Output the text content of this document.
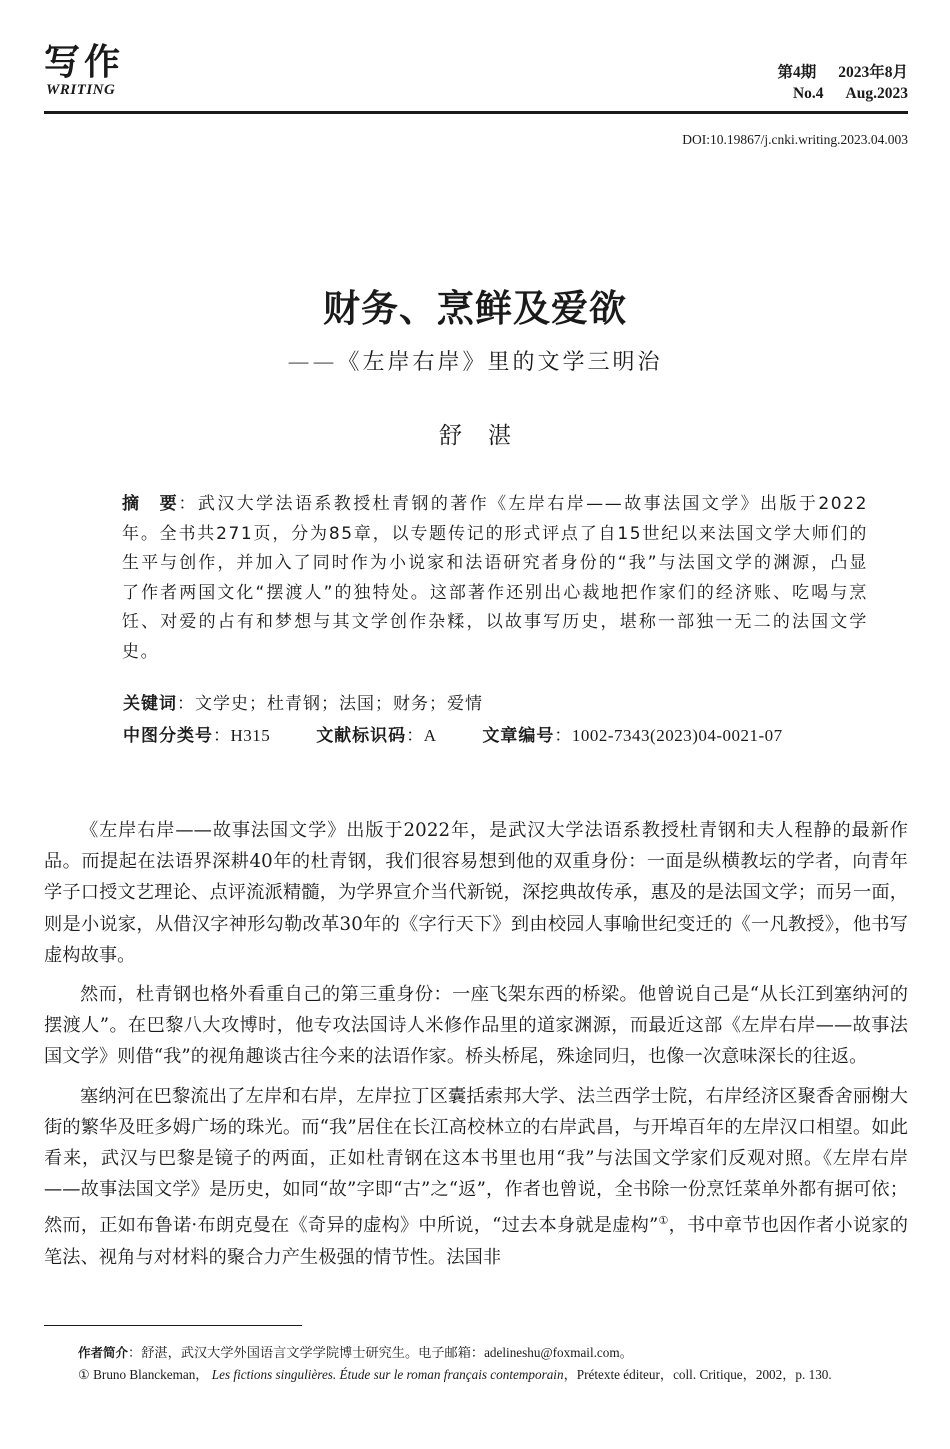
写作
WRITING
第4期 2023年8月
No.4 Aug.2023
DOI:10.19867/j.cnki.writing.2023.04.003
财务、烹鲜及爱欲
——《左岸右岸》里的文学三明治
舒湛
摘　要：武汉大学法语系教授杜青钢的著作《左岸右岸——故事法国文学》出版于2022年。全书共271页，分为85章，以专题传记的形式评点了自15世纪以来法国文学大师们的生平与创作，并加入了同时作为小说家和法语研究者身份的“我”与法国文学的渊源，凸显了作者两国文化“摆渡人”的独特处。这部著作还别出心裁地把作家们的经济账、吃喝与烹饪、对爱的占有和梦想与其文学创作杂糅，以故事写历史，堪称一部独一无二的法国文学史。
关键词：文学史；杜青钢；法国；财务；爱情
中图分类号：H315	文献标识码：A	文章编号：1002-7343(2023)04-0021-07

《左岸右岸——故事法国文学》出版于2022年，是武汉大学法语系教授杜青钢和夫人程静的最新作品。而提起在法语界深耕40年的杜青钢，我们很容易想到他的双重身份：一面是纵横教坛的学者，向青年学子口授文艺理论、点评流派精髓，为学界宣介当代新锐，深挖典故传承，惠及的是法国文学；而另一面，则是小说家，从借汉字神形勾勒改革30年的《字行天下》到由校园人事喻世纪变迁的《一凡教授》，他书写虚构故事。

然而，杜青钢也格外看重自己的第三重身份：一座飞架东西的桥梁。他曾说自己是“从长江到塞纳河的摆渡人”。在巴黎八大攻博时，他专攻法国诗人米修作品里的道家渊源，而最近这部《左岸右岸——故事法国文学》则借“我”的视角趣谈古往今来的法语作家。桥头桥尾，殊途同归，也像一次意味深长的往返。

塞纳河在巴黎流出了左岸和右岸，左岸拉丁区囊括索邦大学、法兰西学士院，右岸经济区聚香舍丽榭大街的繁华及旺多姆广场的珠光。而“我”居住在长江高校林立的右岸武昌，与开埠百年的左岸汉口相望。如此看来，武汉与巴黎是镜子的两面，正如杜青钢在这本书里也用“我”与法国文学家们反观对照。《左岸右岸——故事法国文学》是历史，如同“故”字即“古”之“返”，作者也曾说，全书除一份烹饪菜单外都有据可依；然而，正如布鲁诺·布朗克曼在《奇异的虚构》中所说，“过去本身就是虚构”①，书中章节也因作者小说家的笔法、视角与对材料的聚合力产生极强的情节性。法国非

作者简介：舒湛，武汉大学外国语言文学学院博士研究生。电子邮箱：adelineshu@foxmail.com。
① Bruno Blanckeman， Les fictions singulières. Étude sur le roman français contemporain，Prétexte éditeur，coll. Critique，2002，p. 130.
